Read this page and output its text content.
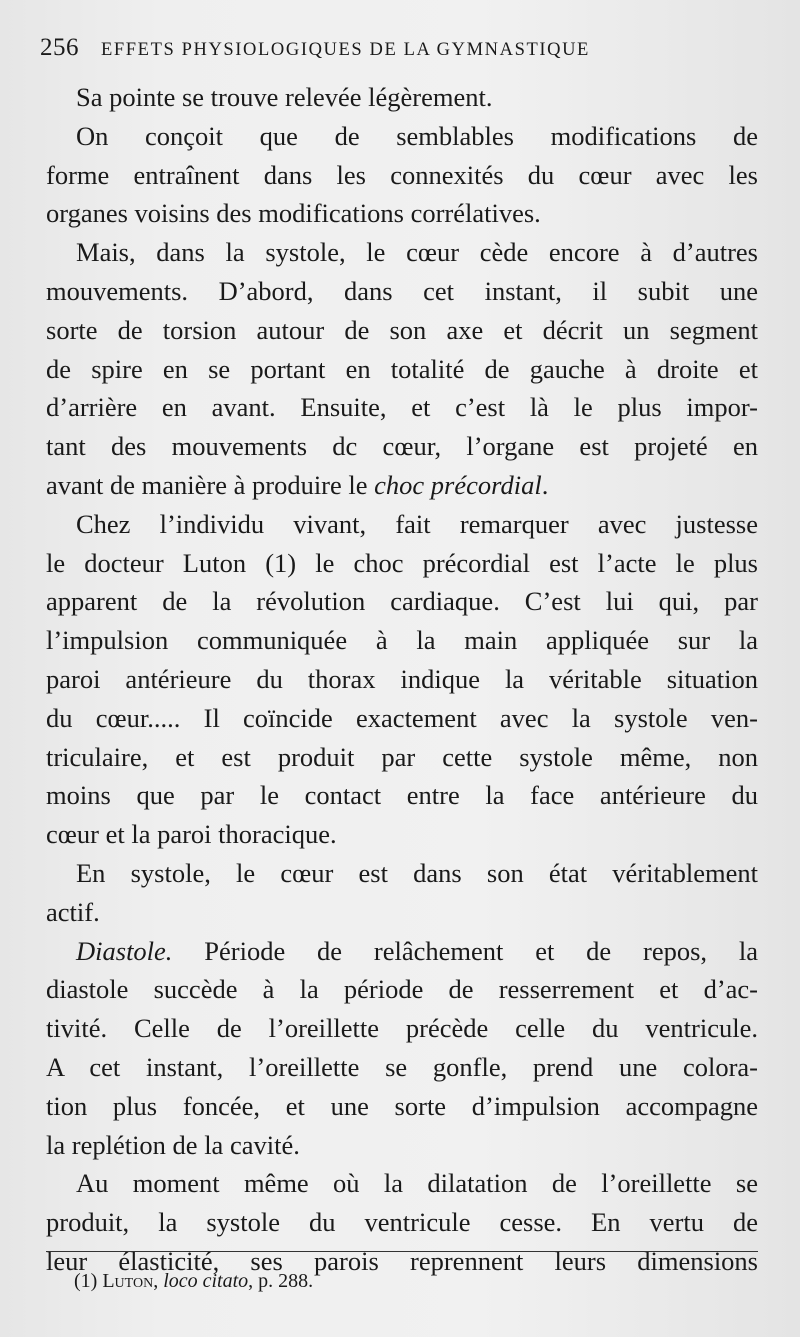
256 EFFETS PHYSIOLOGIQUES DE LA GYMNASTIQUE

Sa pointe se trouve relevée légèrement.

On conçoit que de semblables modifications de
forme entraînent dans les connexités du cœur avec les
organes voisins des modifications corrélatives.

Mais, dans la systole, le cœur cède encore à d’autres
mouvements. D’abord, dans cet instant, il subit une
sorte de torsion autour de son axe et décrit un segment
de spire en se portant en totalité de gauche à droite et
d’arrière en avant. Ensuite, et c’est là le plus impor-
tant des mouvements dc cœur, l’organe est projeté en
avant de manière à produire le choc précordial.

Chez l’individu vivant, fait remarquer avec justesse
le docteur Luton (1) le choc précordial est l’acte le plus
apparent de la révolution cardiaque. C’est lui qui, par
l’impulsion communiquée à la main appliquée sur la
paroi antérieure du thorax indique la véritable situation
du cœur..... Il coïncide exactement avec la systole ven-
triculaire, et est produit par cette systole même, non
moins que par le contact entre la face antérieure du
cœur et la paroi thoracique.

En systole, le cœur est dans son état véritablement
actif.

Diastole. Période de relâchement et de repos, la
diastole succède à la période de resserrement et d’ac-
tivité. Celle de l’oreillette précède celle du ventricule.
A cet instant, l’oreillette se gonfle, prend une colora-
tion plus foncée, et une sorte d’impulsion accompagne
la replétion de la cavité.

Au moment même où la dilatation de l’oreillette se
produit, la systole du ventricule cesse. En vertu de
leur élasticité, ses parois reprennent leurs dimensions

(1) Luton, loco citato, p. 288.
